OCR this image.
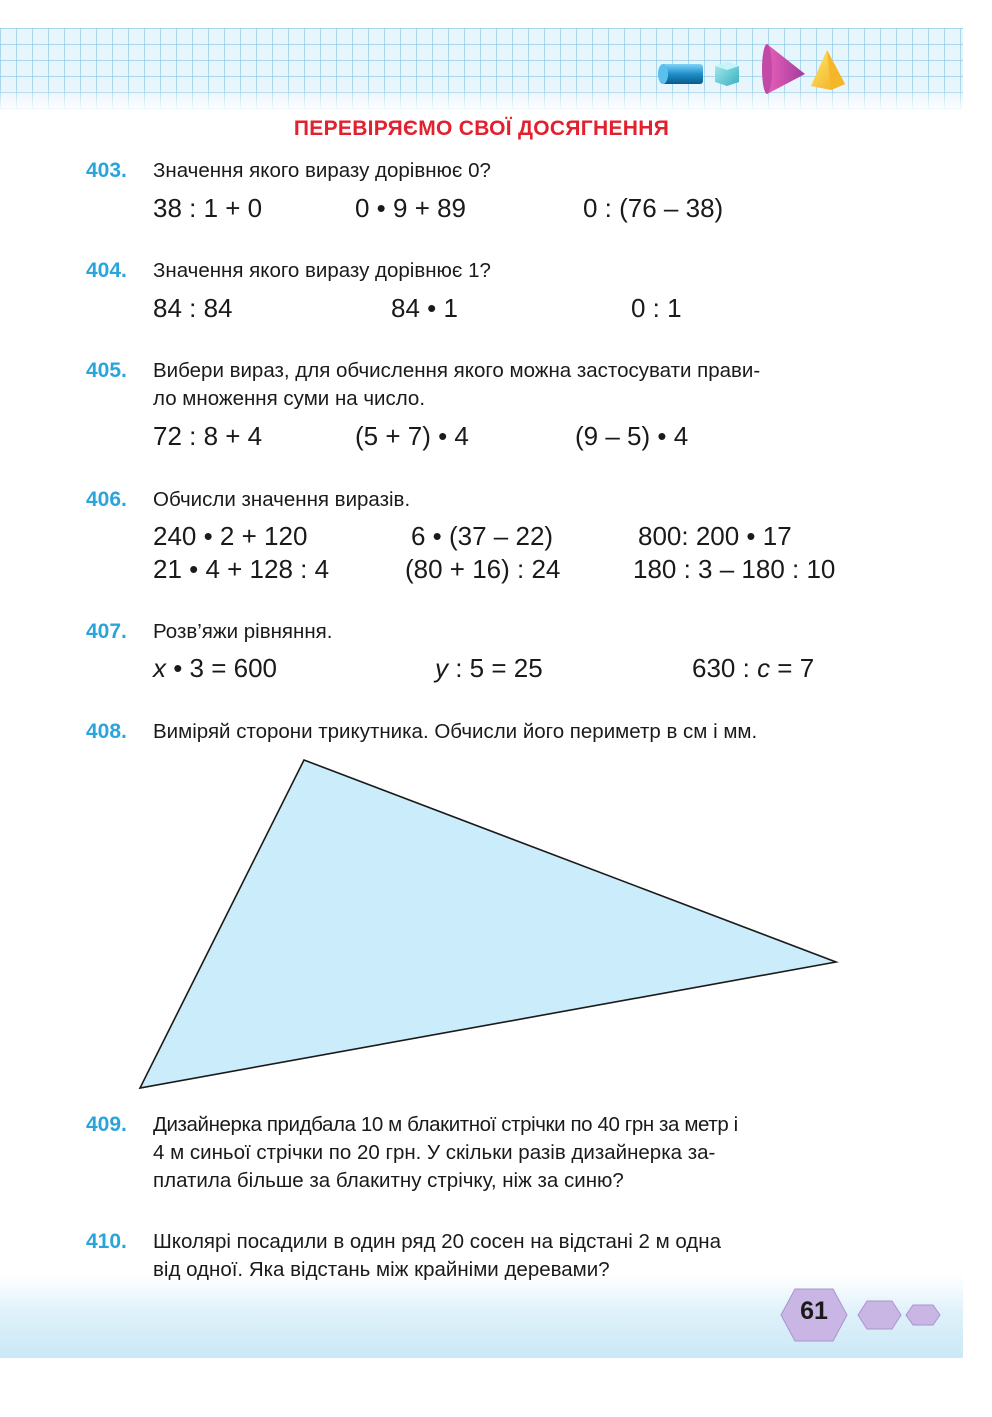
ПЕРЕВІРЯЄМО СВОЇ ДОСЯГНЕННЯ
403. Значення якого виразу дорівнює 0?
38 : 1 + 0	0 • 9 + 89	0 : (76 – 38)
404. Значення якого виразу дорівнює 1?
84 : 84	84 • 1	0 : 1
405. Вибери вираз, для обчислення якого можна застосувати прави-
ло множення суми на число.
72 : 8 + 4	(5 + 7) • 4	(9 – 5) • 4
406. Обчисли значення виразів.
240 • 2 + 120	6 • (37 – 22)	800: 200 • 17
21 • 4 + 128 : 4	(80 + 16) : 24	180 : 3 – 180 : 10
407. Розв’яжи рівняння.
x • 3 = 600	y : 5 = 25	630 : c = 7
408. Виміряй сторони трикутника. Обчисли його периметр в см і мм.
409. Дизайнерка придбала 10 м блакитної стрічки по 40 грн за метр і
4 м синьої стрічки по 20 грн. У скільки разів дизайнерка за-
платила більше за блакитну стрічку, ніж за синю?
410. Школярі посадили в один ряд 20 сосен на відстані 2 м одна
від одної. Яка відстань між крайніми деревами?
61
